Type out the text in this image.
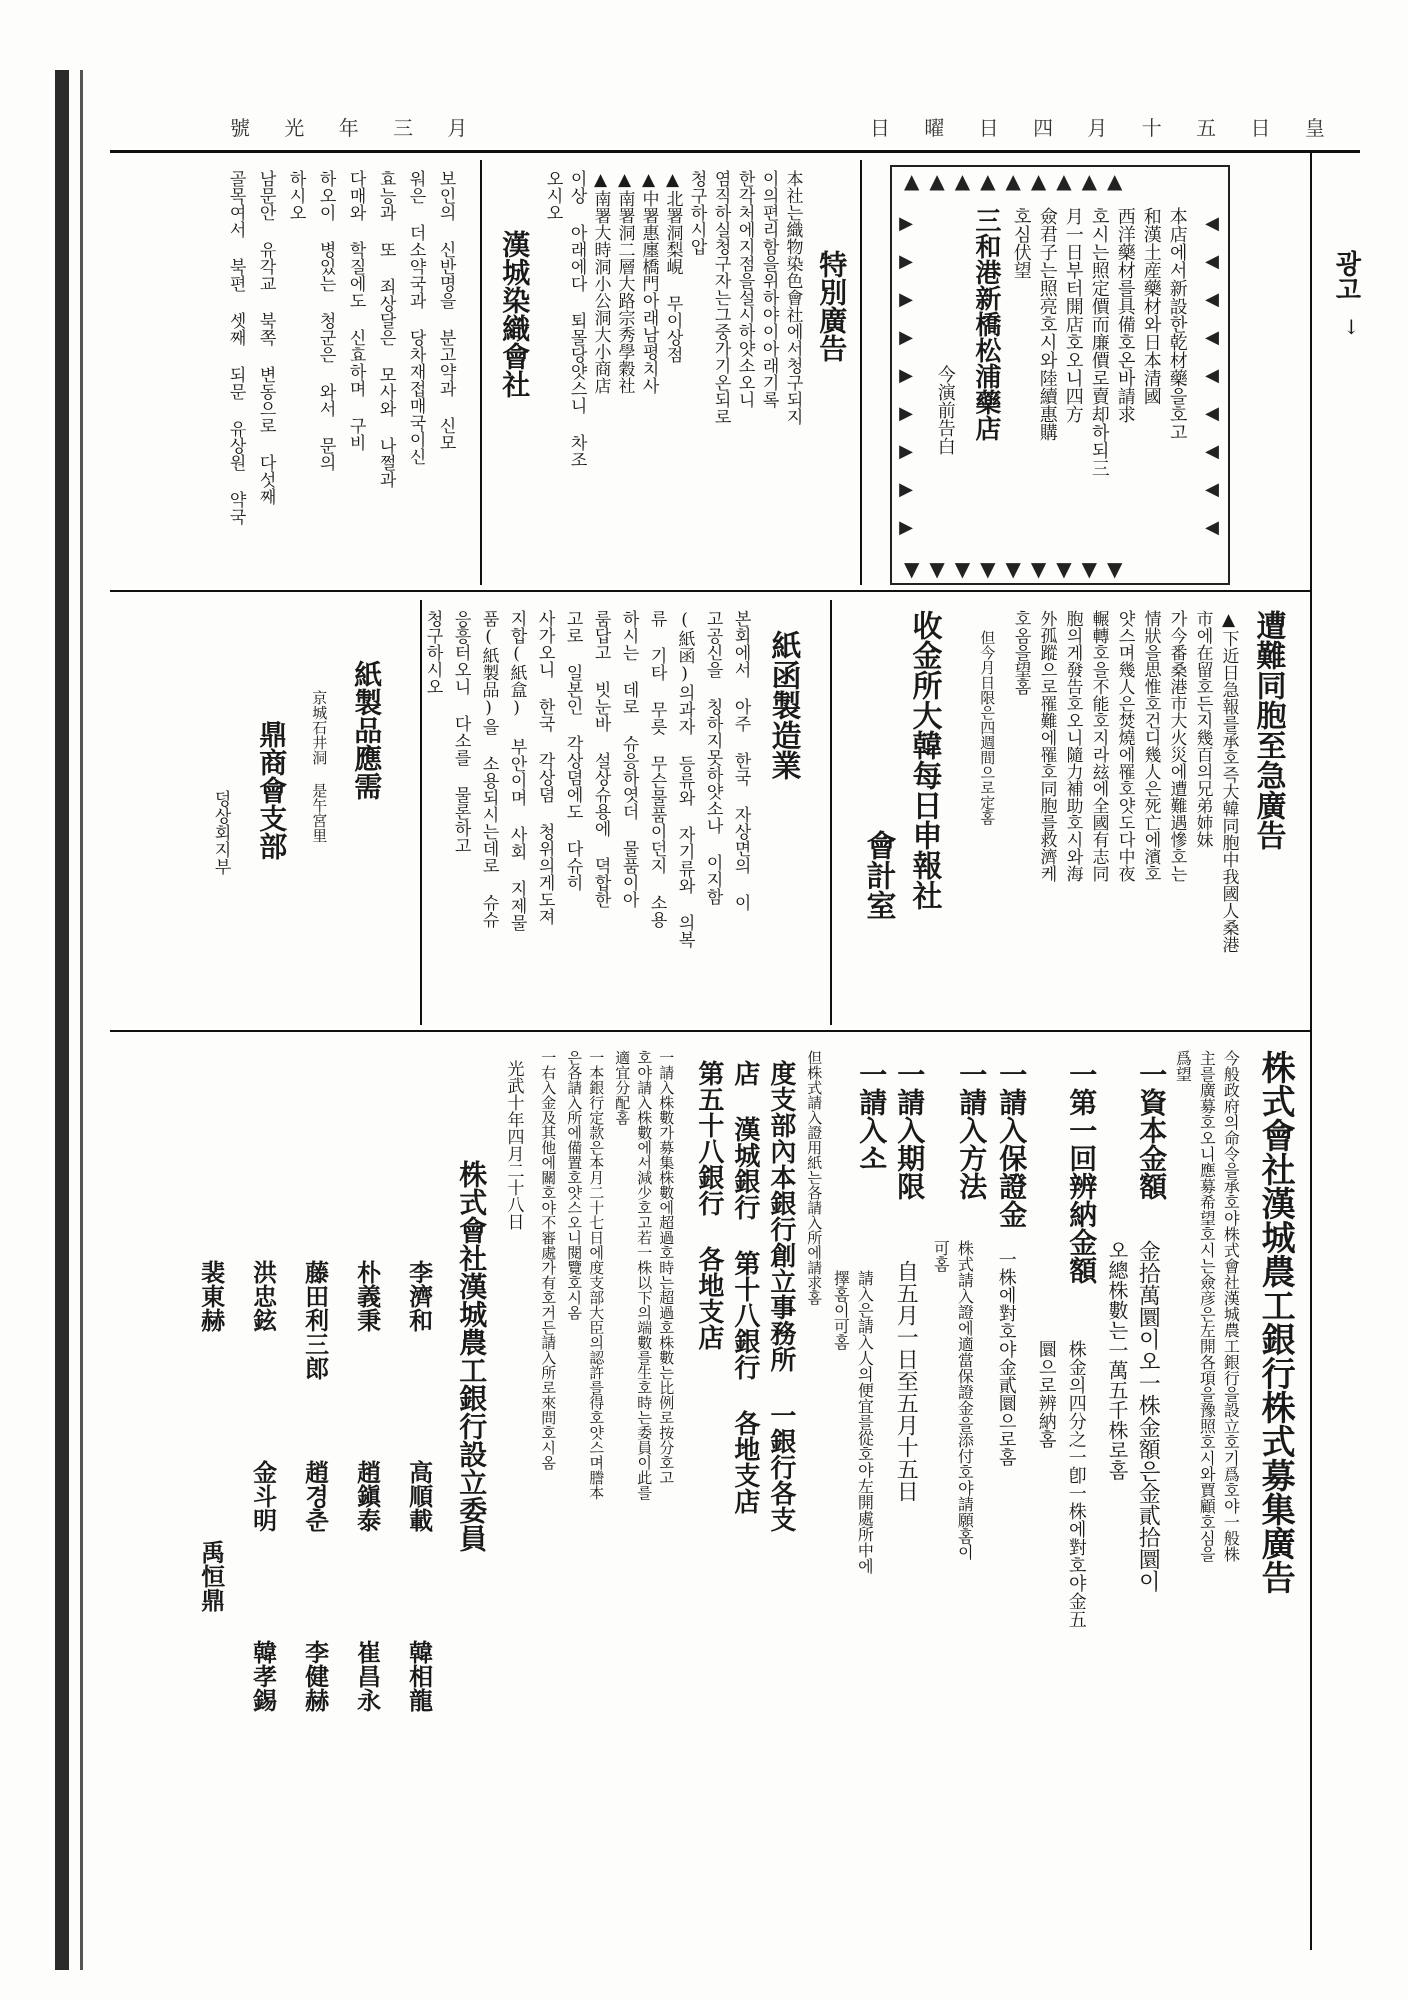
號 光 年 三 月	日 曜 日 四 月 十 五 日 皇
광고
↓
▲▲▲▲▲▲▲▲▲
▼▼▼▼▼▼▼▼▼
▶
▶
▶
▶
▶
▶
▶
▶
▶
◀
◀
◀
◀
◀
◀
◀
◀
◀
本店에서新設한乾材藥을호고
和漢土産藥材와日本清國
西洋藥材를具備호온바請求
호시는照定價而廉價로賣却하되三
月一日부터開店호오니四方
僉君子는照亮호시와陸續惠購
호심伏望
三和港新橋松浦藥店
今演前告白
遭難同胞至急廣告
▲下近日急報를承호즉大韓同胞中我國人桑港
市에在留호든지幾百의兄弟姉妹
가今番桑港市大火災에遭難遇慘호는
情狀을思惟호건디幾人은死亡에濱호
얏스며幾人은焚燒에罹호얏도다中夜
輾轉호을不能호지라玆에全國有志同
胞의게發告호오니隨力補助호시와海
外孤蹤으로罹難에罹호同胞를救濟케
호옴을望홈
但今月日限은四週間으로定홈
收金所大韓每日申報社
會計室
特別廣告
本社는織物染色會社에서청구되지
이의편리함을위하야이아래기록
한각처에지점을설시하얏소오니
염직하실청구자는그중가기온되로
청구하시압
▲北署洞梨峴 무이상점
▲中署惠廛橋門아래남평치사
▲南署洞二層大路宗秀學穀社
▲南署大時洞小公洞大小商店
이상 아래에다 퇴몰당얏스니 차조
오시오
漢城染織會社
보인의 신반명을 분고약과 신모
워은 더소약국과 당차재접매국이신
효능과 또 죄상달은 모사와 나쩔과
다매와 학질에도 신효하며 구비
하오이 병있는 청군은 와서 문의
하시오
남문안 유각교 북쪽 변동으로 다섯째
골목여서 북편 셋째 되문 유상원 약국
紙函製造業
본회에서 아주 한국 자상면의 이
고공신을 칭하지못하얏소나 이지함
(紙函)의과자 등류와 자기류와 의복
류 기타 무릇 무슨물품이던지 소용
하시는 데로 슈응하엿더 물품이아
룸답고 빗눈바 설상슈용에 뎍합한
고로 일본인 각상뎜에도 다슈히
사가오니 한국 각상뎜 청위의게도져
지합(紙盒) 부안이며 사회 지제물
품(紙製品)을 소용되시는데로 슈슈
응흥터오니 다소를 물론하고
청구하시오
紙製品應需
京城石井洞 是午宮里
鼎商會支部
덩상회지부
株式會社漢城農工銀行株式募集廣告
今般政府의命令을承호야株式會社漢城農工銀行을設立호기爲호야一般株
主를廣募호오니應募希望호시는僉彦은左開各項을豫照호시와賈顧호심을
爲望
一資本金額
金拾萬圜이오一株金額은金貳拾圜이
오總株數는一萬五千株로홈
一第一回辨納金額
株金의四分之一卽一株에對호야金五
圜으로辨納홈
一請入保證金
一株에對호야金貳圜으로홈
一請入方法
株式請入證에適當保證金을添付호야請願홈이
可홈
一請入期限
自五月一日至五月十五日
一請入소
請入은請入人의便宜를從호야左開處所中에
擇홈이可홈
但株式請入證用紙는各請入所에請求홈
度支部內本銀行創立事務所 一銀行各支
店 漢城銀行 第十八銀行 各地支店
第五十八銀行 各地支店
一請入株數가募集株數에超過호時는超過호株數는比例로按分호고
호야請入株數에서減少호고若一株以下의端數를生호時는委員이此를
適宜分配홈
一本銀行定款은本月二十七日에度支部大臣의認許를得호얏스며謄本
은各請入所에備置호얏스오니閱覽호시옴
一右入金及其他에關호야不審處가有호거든請入所로來問호시옴
光武十年四月二十八日
株式會社漢城農工銀行設立委員
李濟和
高順載
韓相龍
朴義秉
趙鎭泰
崔昌永
藤田利三郎
趙경춘
李健赫
洪忠鉉
金斗明
韓孝錫
裴東赫
禹恒鼎
